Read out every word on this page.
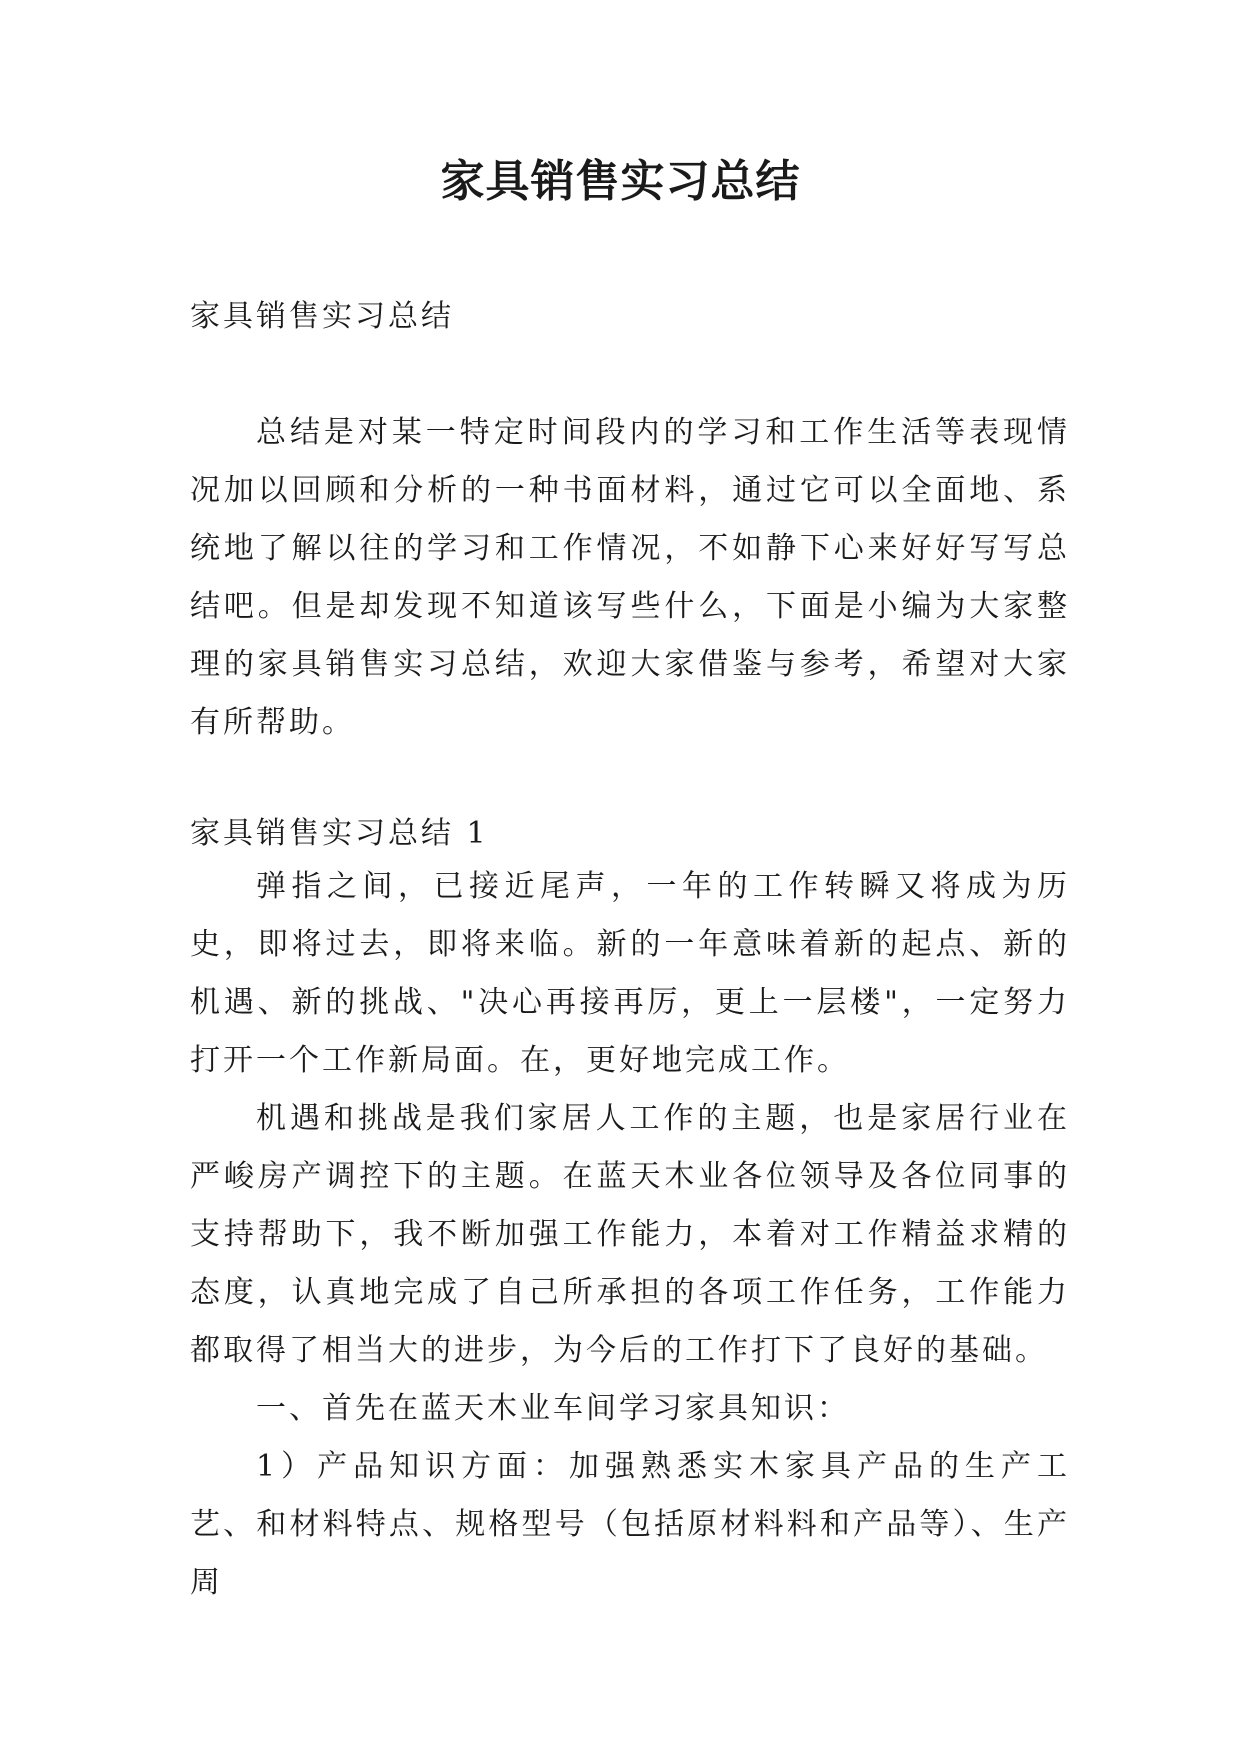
家具销售实习总结

家具销售实习总结

总结是对某一特定时间段内的学习和工作生活等表现情况加以回顾和分析的一种书面材料，通过它可以全面地、系统地了解以往的学习和工作情况，不如静下心来好好写写总结吧。但是却发现不知道该写些什么，下面是小编为大家整理的家具销售实习总结，欢迎大家借鉴与参考，希望对大家有所帮助。

家具销售实习总结 1

弹指之间，已接近尾声，一年的工作转瞬又将成为历史，即将过去，即将来临。新的一年意味着新的起点、新的机遇、新的挑战、"决心再接再厉，更上一层楼"，一定努力打开一个工作新局面。在，更好地完成工作。

机遇和挑战是我们家居人工作的主题，也是家居行业在严峻房产调控下的主题。在蓝天木业各位领导及各位同事的支持帮助下，我不断加强工作能力，本着对工作精益求精的态度，认真地完成了自己所承担的各项工作任务，工作能力都取得了相当大的进步，为今后的工作打下了良好的基础。

一、首先在蓝天木业车间学习家具知识：

1）产品知识方面：加强熟悉实木家具产品的生产工艺、和材料特点、规格型号（包括原材料料和产品等）、生产周
